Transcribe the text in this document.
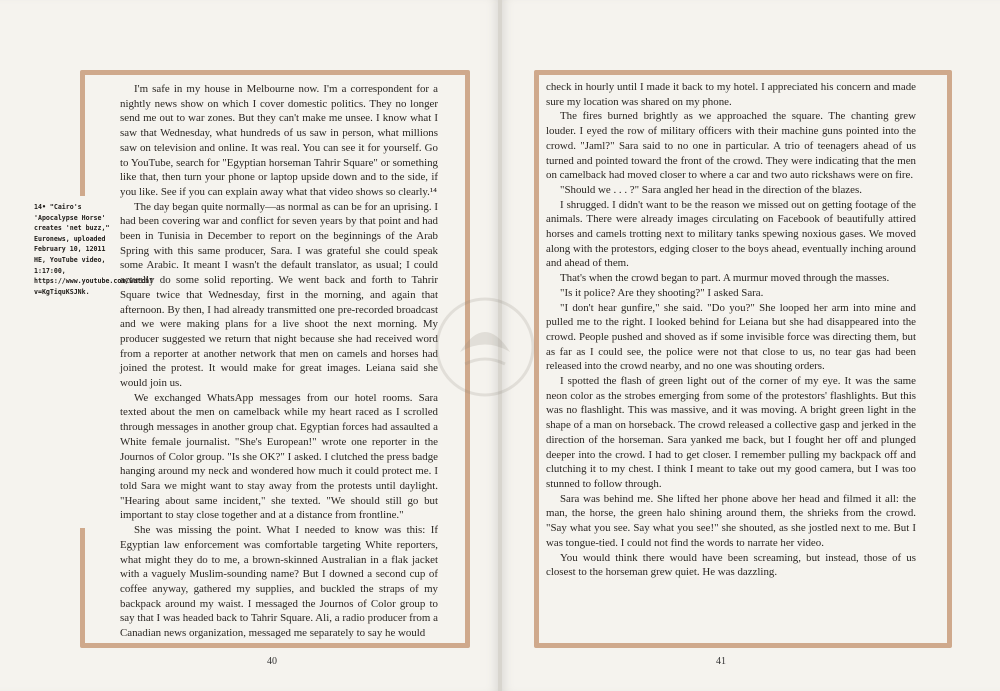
14• "Cairo's 'Apocalypse Horse' creates 'net buzz," Euronews, uploaded February 10, 12011 HE, YouTube video, 1:17:00, https://www.youtube.com/watch?v=KgTiquKSJNk.

I'm safe in my house in Melbourne now. I'm a correspondent for a nightly news show on which I cover domestic politics. They no longer send me out to war zones. But they can't make me unsee. I know what I saw that Wednesday, what hundreds of us saw in person, what millions saw on television and online. It was real. You can see it for yourself. Go to YouTube, search for "Egyptian horseman Tahrir Square" or something like that, then turn your phone or laptop upside down and to the side, if you like. See if you can explain away what that video shows so clearly.¹⁴

The day began quite normally—as normal as can be for an uprising. I had been covering war and conflict for seven years by that point and had been in Tunisia in December to report on the beginnings of the Arab Spring with this same producer, Sara. I was grateful she could speak some Arabic. It meant I wasn't the default translator, as usual; I could actually do some solid reporting. We went back and forth to Tahrir Square twice that Wednesday, first in the morning, and again that afternoon. By then, I had already transmitted one pre-recorded broadcast and we were making plans for a live shoot the next morning. My producer suggested we return that night because she had received word from a reporter at another network that men on camels and horses had joined the protest. It would make for great images. Leiana said she would join us.

We exchanged WhatsApp messages from our hotel rooms. Sara texted about the men on camelback while my heart raced as I scrolled through messages in another group chat. Egyptian forces had assaulted a White female journalist. "She's European!" wrote one reporter in the Journos of Color group. "Is she OK?" I asked. I clutched the press badge hanging around my neck and wondered how much it could protect me. I told Sara we might want to stay away from the protests until daylight. "Hearing about same incident," she texted. "We should still go but important to stay close together and at a distance from frontline."

She was missing the point. What I needed to know was this: If Egyptian law enforcement was comfortable targeting White reporters, what might they do to me, a brown-skinned Australian in a flak jacket with a vaguely Muslim-sounding name? But I downed a second cup of coffee anyway, gathered my supplies, and buckled the straps of my backpack around my waist. I messaged the Journos of Color group to say that I was headed back to Tahrir Square. Ali, a radio producer from a Canadian news organization, messaged me separately to say he would

40

check in hourly until I made it back to my hotel. I appreciated his concern and made sure my location was shared on my phone.

The fires burned brightly as we approached the square. The chanting grew louder. I eyed the row of military officers with their machine guns pointed into the crowd. "Jaml?" Sara said to no one in particular. A trio of teenagers ahead of us turned and pointed toward the front of the crowd. They were indicating that the men on camelback had moved closer to where a car and two auto rickshaws were on fire.

"Should we . . . ?" Sara angled her head in the direction of the blazes.

I shrugged. I didn't want to be the reason we missed out on getting footage of the animals. There were already images circulating on Facebook of beautifully attired horses and camels trotting next to military tanks spewing noxious gases. We moved along with the protestors, edging closer to the boys ahead, eventually inching around and ahead of them.

That's when the crowd began to part. A murmur moved through the masses.

"Is it police? Are they shooting?" I asked Sara.

"I don't hear gunfire," she said. "Do you?" She looped her arm into mine and pulled me to the right. I looked behind for Leiana but she had disappeared into the crowd. People pushed and shoved as if some invisible force was directing them, but as far as I could see, the police were not that close to us, no tear gas had been released into the crowd nearby, and no one was shouting orders.

I spotted the flash of green light out of the corner of my eye. It was the same neon color as the strobes emerging from some of the protestors' flashlights. But this was no flashlight. This was massive, and it was moving. A bright green light in the shape of a man on horseback. The crowd released a collective gasp and jerked in the direction of the horseman. Sara yanked me back, but I fought her off and plunged deeper into the crowd. I had to get closer. I remember pulling my backpack off and clutching it to my chest. I think I meant to take out my good camera, but I was too stunned to follow through.

Sara was behind me. She lifted her phone above her head and filmed it all: the man, the horse, the green halo shining around them, the shrieks from the crowd. "Say what you see. Say what you see!" she shouted, as she jostled next to me. But I was tongue-tied. I could not find the words to narrate her video.

You would think there would have been screaming, but instead, those of us closest to the horseman grew quiet. He was dazzling.

41
